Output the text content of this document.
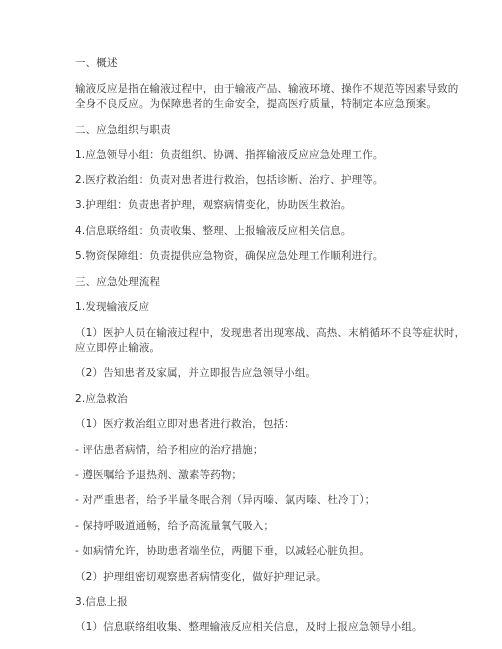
一、概述
输液反应是指在输液过程中，由于输液产品、输液环境、操作不规范等因素导致的
全身不良反应。为保障患者的生命安全，提高医疗质量，特制定本应急预案。
二、应急组织与职责
1.应急领导小组：负责组织、协调、指挥输液反应应急处理工作。
2.医疗救治组：负责对患者进行救治，包括诊断、治疗、护理等。
3.护理组：负责患者护理，观察病情变化，协助医生救治。
4.信息联络组：负责收集、整理、上报输液反应相关信息。
5.物资保障组：负责提供应急物资，确保应急处理工作顺利进行。
三、应急处理流程
1.发现输液反应
（1）医护人员在输液过程中，发现患者出现寒战、高热、末梢循环不良等症状时，
应立即停止输液。
（2）告知患者及家属，并立即报告应急领导小组。
2.应急救治
（1）医疗救治组立即对患者进行救治，包括：
- 评估患者病情，给予相应的治疗措施；
- 遵医嘱给予退热剂、激素等药物；
- 对严重患者，给予半量冬眠合剂（异丙嗪、氯丙嗪、杜冷丁）；
- 保持呼吸道通畅，给予高流量氧气吸入；
- 如病情允许，协助患者端坐位，两腿下垂，以减轻心脏负担。
（2）护理组密切观察患者病情变化，做好护理记录。
3.信息上报
（1）信息联络组收集、整理输液反应相关信息，及时上报应急领导小组。
